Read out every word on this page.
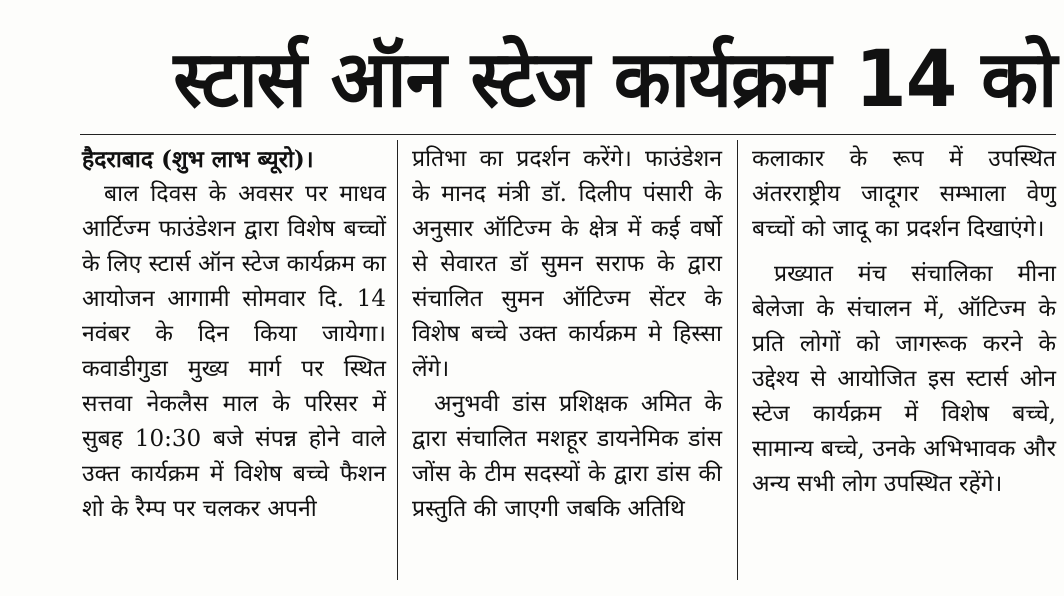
स्टार्स ऑन स्टेज कार्यक्रम 14 को

हैदराबाद (शुभ लाभ ब्यूरो)।

बाल दिवस के अवसर पर माधव आर्टिज्म फाउंडेशन द्वारा विशेष बच्चों के लिए स्टार्स ऑन स्टेज कार्यक्रम का आयोजन आगामी सोमवार दि. 14 नवंबर के दिन किया जायेगा।कवाडीगुडा मुख्य मार्ग पर स्थित सत्तवा नेकलैस माल के परिसर में सुबह 10:30 बजे संपन्न होने वाले उक्त कार्यक्रम में विशेष बच्चे फैशन शो के रैम्प पर चलकर अपनी

प्रतिभा का प्रदर्शन करेंगे। फाउंडेशन के मानद मंत्री डॉ. दिलीप पंसारी के अनुसार ऑटिज्म के क्षेत्र में कई वर्षो से सेवारत डॉ सुमन सराफ के द्वारा संचालित सुमन ऑटिज्म सेंटर के विशेष बच्चे उक्त कार्यक्रम मे हिस्सा लेंगे।

अनुभवी डांस प्रशिक्षक अमित के द्वारा संचालित मशहूर डायनेमिक डांस जोंस के टीम सदस्यों के द्वारा डांस की प्रस्तुति की जाएगी जबकि अतिथि

कलाकार के रूप में उपस्थित अंतरराष्ट्रीय जादूगर सम्भाला वेणु बच्चों को जादू का प्रदर्शन दिखाएंगे।

प्रख्यात मंच संचालिका मीना बेलेजा के संचालन में, ऑटिज्म के प्रति लोगों को जागरूक करने के उद्देश्य से आयोजित इस स्टार्स ओन स्टेज कार्यक्रम में विशेष बच्चे, सामान्य बच्चे, उनके अभिभावक और अन्य सभी लोग उपस्थित रहेंगे।
